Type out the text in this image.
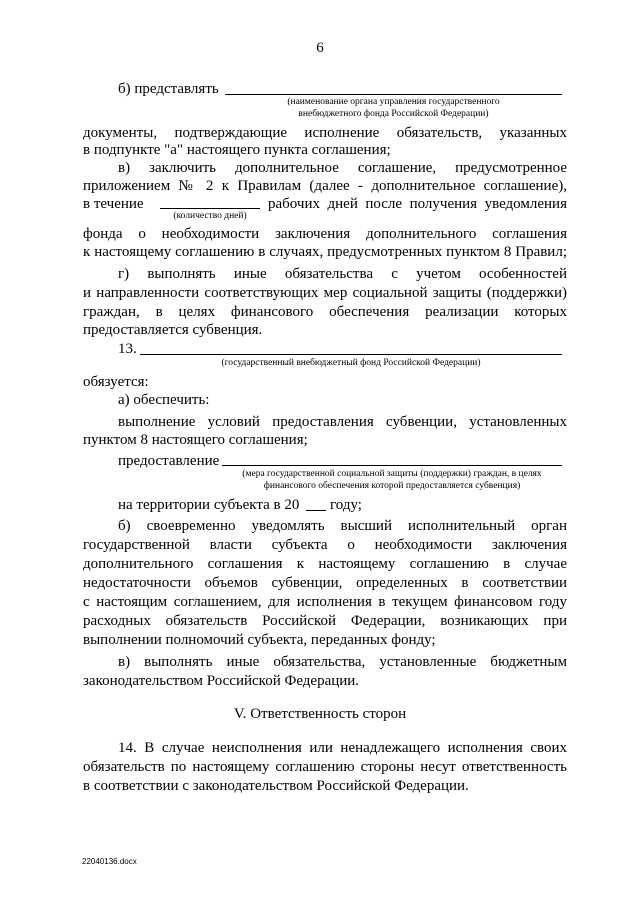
6
б) представлять
(наименование органа управления государственного
внебюджетного фонда Российской Федерации)
документы, подтверждающие исполнение обязательств, указанных
в подпункте "а" настоящего пункта соглашения;
в) заключить дополнительное соглашение, предусмотренное
приложением № 2 к Правилам (далее - дополнительное соглашение),
в течение	рабочих дней после получения уведомления
(количество дней)
фонда о необходимости заключения дополнительного соглашения
к настоящему соглашению в случаях, предусмотренных пунктом 8 Правил;
г) выполнять иные обязательства с учетом особенностей
и направленности соответствующих мер социальной защиты (поддержки)
граждан, в целях финансового обеспечения реализации которых
предоставляется субвенция.
13.
(государственный внебюджетный фонд Российской Федерации)
обязуется:
а) обеспечить:
выполнение условий предоставления субвенции, установленных
пунктом 8 настоящего соглашения;
предоставление
(мера государственной социальной защиты (поддержки) граждан, в целях
финансового обеспечения которой предоставляется субвенция)
на территории субъекта в 20	году;
б) своевременно уведомлять высший исполнительный орган
государственной власти субъекта о необходимости заключения
дополнительного соглашения к настоящему соглашению в случае
недостаточности объемов субвенции, определенных в соответствии
с настоящим соглашением, для исполнения в текущем финансовом году
расходных обязательств Российской Федерации, возникающих при
выполнении полномочий субъекта, переданных фонду;
в) выполнять иные обязательства, установленные бюджетным
законодательством Российской Федерации.
V. Ответственность сторон
14. В случае неисполнения или ненадлежащего исполнения своих
обязательств по настоящему соглашению стороны несут ответственность
в соответствии с законодательством Российской Федерации.
22040136.docx
